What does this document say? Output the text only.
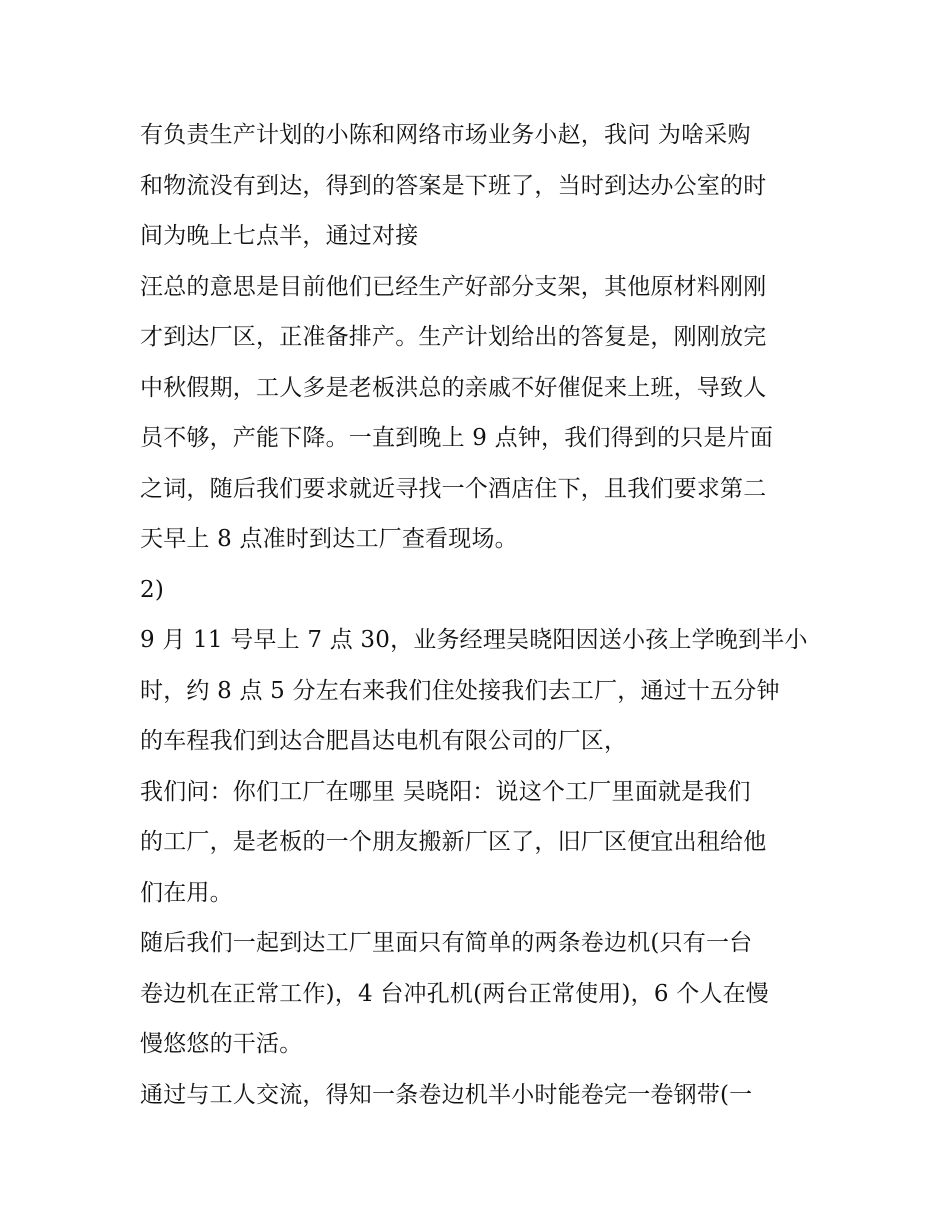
有负责生产计划的小陈和网络市场业务小赵，我问 为啥采购
和物流没有到达，得到的答案是下班了，当时到达办公室的时
间为晚上七点半，通过对接
汪总的意思是目前他们已经生产好部分支架，其他原材料刚刚
才到达厂区，正准备排产。生产计划给出的答复是，刚刚放完
中秋假期，工人多是老板洪总的亲戚不好催促来上班，导致人
员不够，产能下降。一直到晚上 9 点钟，我们得到的只是片面
之词，随后我们要求就近寻找一个酒店住下，且我们要求第二
天早上 8 点准时到达工厂查看现场。
2)
9 月 11 号早上 7 点 30，业务经理吴晓阳因送小孩上学晚到半小
时，约 8 点 5 分左右来我们住处接我们去工厂，通过十五分钟
的车程我们到达合肥昌达电机有限公司的厂区，
我们问：你们工厂在哪里 吴晓阳：说这个工厂里面就是我们
的工厂，是老板的一个朋友搬新厂区了，旧厂区便宜出租给他
们在用。
随后我们一起到达工厂里面只有简单的两条卷边机(只有一台
卷边机在正常工作)，4 台冲孔机(两台正常使用)，6 个人在慢
慢悠悠的干活。
通过与工人交流，得知一条卷边机半小时能卷完一卷钢带(一
